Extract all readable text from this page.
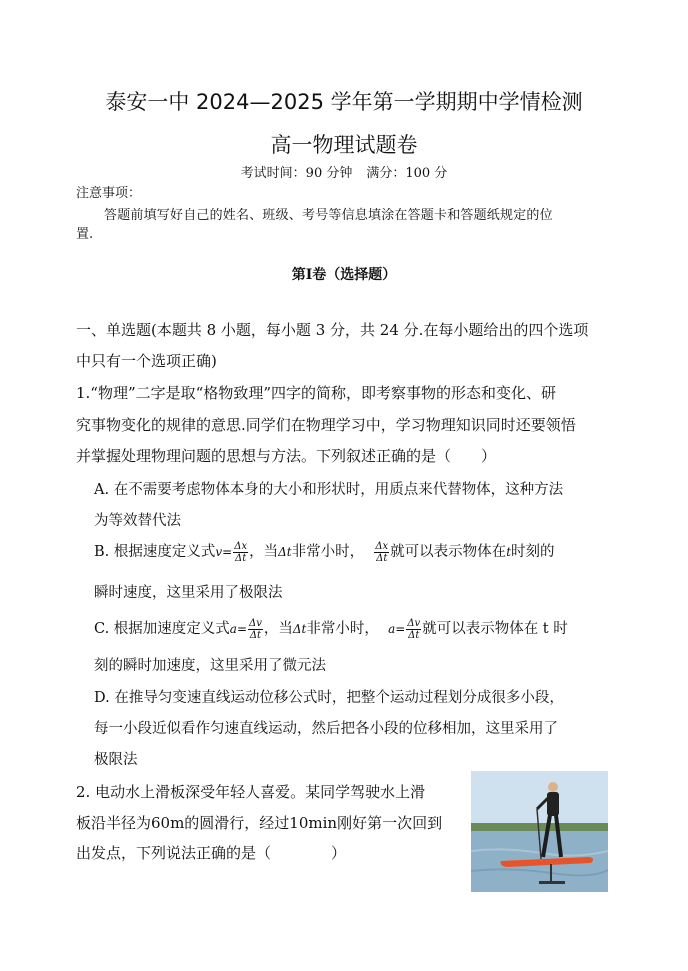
泰安一中 2024—2025 学年第一学期期中学情检测
高一物理试题卷
考试时间：90 分钟 满分：100 分
注意事项：
答题前填写好自己的姓名、班级、考号等信息填涂在答题卡和答题纸规定的位
置.
第Ⅰ卷（选择题）
一、单选题(本题共 8 小题，每小题 3 分，共 24 分.在每小题给出的四个选项
中只有一个选项正确)
1.“物理”二字是取“格物致理”四字的简称，即考察事物的形态和变化、研
究事物变化的规律的意思.同学们在物理学习中，学习物理知识同时还要领悟
并掌握处理物理问题的思想与方法。下列叙述正确的是（　　）
A. 在不需要考虑物体本身的大小和形状时，用质点来代替物体，这种方法
为等效替代法
B. 根据速度定义式$v= \frac{\Delta x}{\Delta t}$ ，当Δt非常小时， $\frac{\Delta x}{\Delta t}$ 就可以表示物体在t时刻的
瞬时速度，这里采用了极限法
C. 根据加速度定义式$a= \frac{\Delta v}{\Delta t}$ ，当Δt非常小时， $a= \frac{\Delta v}{\Delta t}$ 就可以表示物体在 t 时
刻的瞬时加速度，这里采用了微元法
D. 在推导匀变速直线运动位移公式时，把整个运动过程划分成很多小段，
每一小段近似看作匀速直线运动，然后把各小段的位移相加，这里采用了
极限法
2. 电动水上滑板深受年轻人喜爱。某同学驾驶水上滑
板沿半径为60m的圆滑行，经过10min刚好第一次回到
出发点，下列说法正确的是（　　　　）
